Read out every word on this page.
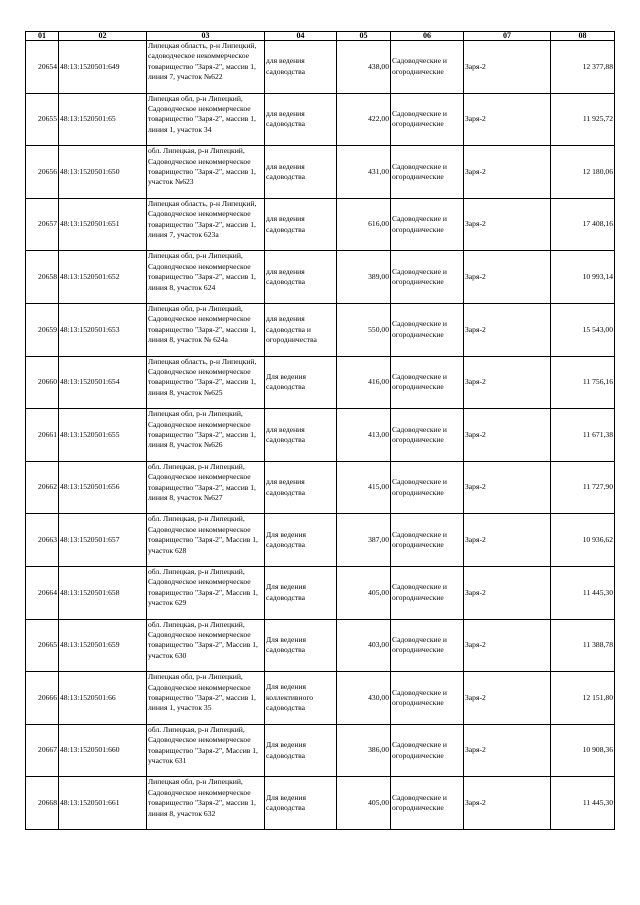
01	02	03	04	05	06	07	08
20654	48:13:1520501:649	Липецкая область, р-н Липецкий, садоводческое некоммерческое товарищество "Заря-2", массив 1, линия 7, участок №622	для ведения садоводства	438,00	Садоводческие и огороднические	Заря-2	12 377,88
20655	48:13:1520501:65	Липецкая обл, р-н Липецкий, Садоводческое некоммерческое товарищество "Заря-2", массив 1, линия 1, участок 34	для ведения садоводства	422,00	Садоводческие и огороднические	Заря-2	11 925,72
20656	48:13:1520501:650	обл. Липецкая, р-н Липецкий, Садоводческое некоммерческое товарищество "Заря-2", массив 1, участок №623	для ведения садоводства	431,00	Садоводческие и огороднические	Заря-2	12 180,06
20657	48:13:1520501:651	Липецкая область, р-н Липецкий, Садоводческое некоммерческое товарищество "Заря-2", массив 1, линия 7, участок 623а	для ведения садоводства	616,00	Садоводческие и огороднические	Заря-2	17 408,16
20658	48:13:1520501:652	Липецкая обл, р-н Липецкий, Садоводческое некоммерческое товарищество "Заря-2", массив 1, линия 8, участок 624	для ведения садоводства	389,00	Садоводческие и огороднические	Заря-2	10 993,14
20659	48:13:1520501:653	Липецкая обл, р-н Липецкий, Садоводческое некоммерческое товарищество "Заря-2", массив 1, линия 8, участок № 624а	для ведения садоводства и огородничества	550,00	Садоводческие и огороднические	Заря-2	15 543,00
20660	48:13:1520501:654	Липецкая область, р-н Липецкий, Садоводческое некоммерческое товарищество "Заря-2", массив 1, линия 8, участок №625	Для ведения садоводства	416,00	Садоводческие и огороднические	Заря-2	11 756,16
20661	48:13:1520501:655	Липецкая обл, р-н Липецкий, Садоводческое некоммерческое товарищество "Заря-2", массив 1, линия 8, участок №626	для ведения садоводства	413,00	Садоводческие и огороднические	Заря-2	11 671,38
20662	48:13:1520501:656	обл. Липецкая, р-н Липецкий, Садоводческое некоммерческое товарищество "Заря-2", массив 1, линия 8, участок №627	для ведения садоводства	415,00	Садоводческие и огороднические	Заря-2	11 727,90
20663	48:13:1520501:657	обл. Липецкая, р-н Липецкий, Садоводческое некоммерческое товарищество "Заря-2", Массив 1, участок 628	Для ведения садоводства	387,00	Садоводческие и огороднические	Заря-2	10 936,62
20664	48:13:1520501:658	обл. Липецкая, р-н Липецкий, Садоводческое некоммерческое товарищество "Заря-2", Массив 1, участок 629	Для ведения садоводства	405,00	Садоводческие и огороднические	Заря-2	11 445,30
20665	48:13:1520501:659	обл. Липецкая, р-н Липецкий, Садоводческое некоммерческое товарищество "Заря-2", Массив 1, участок 630	Для ведения садоводства	403,00	Садоводческие и огороднические	Заря-2	11 388,78
20666	48:13:1520501:66	Липецкая обл, р-н Липецкий, Садоводческое некоммерческое товарищество "Заря-2", массив 1, линия 1, участок 35	Для ведения коллективного садоводства	430,00	Садоводческие и огороднические	Заря-2	12 151,80
20667	48:13:1520501:660	обл. Липецкая, р-н Липецкий, Садоводческое некоммерческое товарищество "Заря-2", Массив 1, участок 631	Для ведения садоводства	386,00	Садоводческие и огороднические	Заря-2	10 908,36
20668	48:13:1520501:661	Липецкая обл, р-н Липецкий, Садоводческое некоммерческое товарищество "Заря-2", массив 1, линия 8, участок 632	Для ведения садоводства	405,00	Садоводческие и огороднические	Заря-2	11 445,30
